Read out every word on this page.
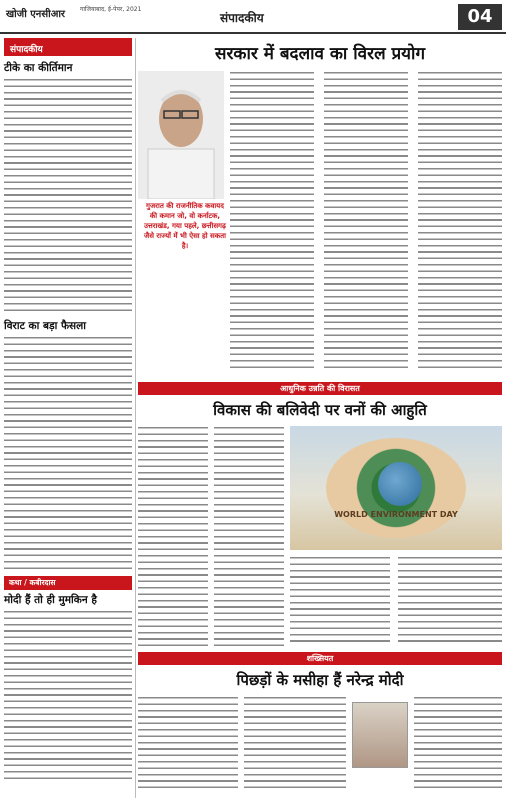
खोजी एनसीआर गाजियाबाद, ई-पेपर, 2021
संपादकीय	04
संपादकीय
टीके का कीर्तिमान
विराट का बड़ा फैसला
कथा / कबीरदास
मोदी हैं तो ही मुमकिन है
सरकार में बदलाव का विरल प्रयोग
गुजरात की राजनीतिक कवायद की कमान जो, वो कर्नाटक, उत्तराखंड, गया पहले, छत्तीसगढ़ जैसे राज्यों में भी ऐसा हो सकता है।
आधुनिक उन्नति की विरासत
विकास की बलिवेदी पर वनों की आहुति
WORLD ENVIRONMENT DAY
शख्सियत
पिछड़ों के मसीहा हैं नरेन्द्र मोदी
